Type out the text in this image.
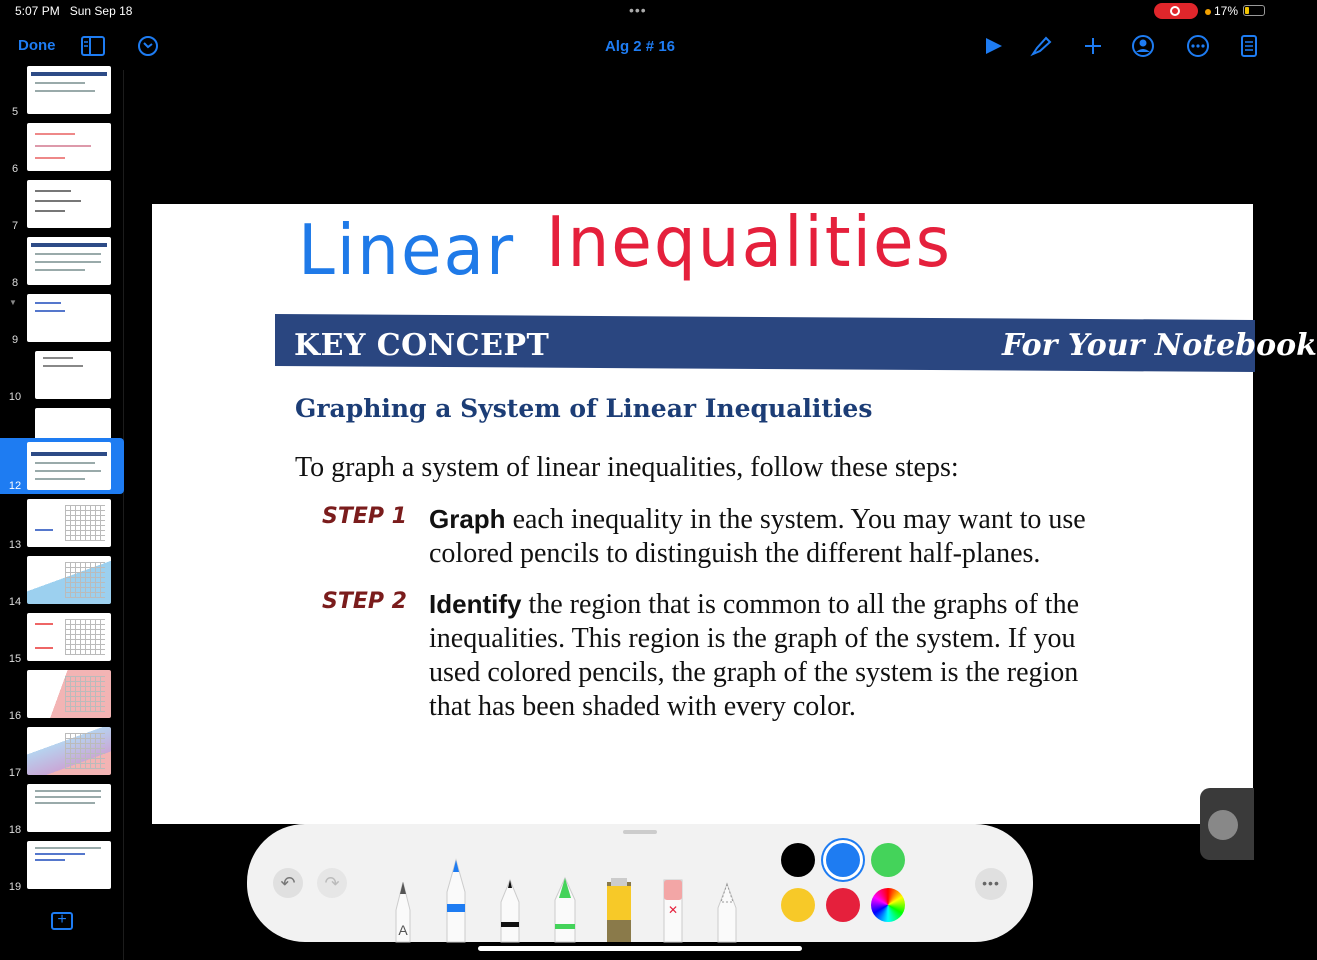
5:07 PM Sun Sep 18	•••	17%
Done	Alg 2 # 16
5
6
7
8
▼
9
10
12
13
14
15
16
17
18
19
+
Linear Inequalities
KEY CONCEPT	For Your Notebook
Graphing a System of Linear Inequalities
To graph a system of linear inequalities, follow these steps:
STEP 1 Graph each inequality in the system. You may want to use
colored pencils to distinguish the different half-planes.
STEP 2 Identify the region that is common to all the graphs of the
inequalities. This region is the graph of the system. If you
used colored pencils, the graph of the system is the region
that has been shaded with every color.
↶	↷
A
✕
•••
